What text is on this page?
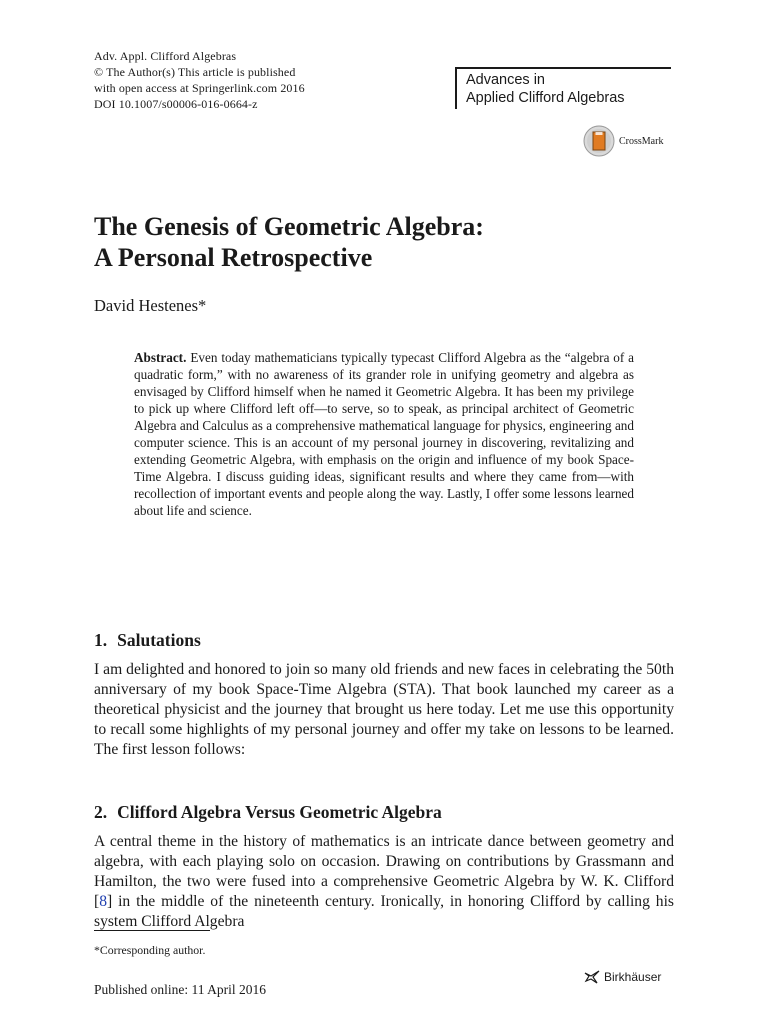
Adv. Appl. Clifford Algebras
© The Author(s) This article is published
with open access at Springerlink.com 2016
DOI 10.1007/s00006-016-0664-z
Advances in
Applied Clifford Algebras
CrossMark
The Genesis of Geometric Algebra:
A Personal Retrospective
David Hestenes*
Abstract. Even today mathematicians typically typecast Clifford Algebra as the “algebra of a quadratic form,” with no awareness of its grander role in unifying geometry and algebra as envisaged by Clifford himself when he named it Geometric Algebra. It has been my privilege to pick up where Clifford left off—to serve, so to speak, as principal architect of Geometric Algebra and Calculus as a comprehensive mathematical language for physics, engineering and computer science. This is an account of my personal journey in discovering, revitalizing and extending Geometric Algebra, with emphasis on the origin and influence of my book Space-Time Algebra. I discuss guiding ideas, significant results and where they came from—with recollection of important events and people along the way. Lastly, I offer some lessons learned about life and science.
1. Salutations

I am delighted and honored to join so many old friends and new faces in celebrating the 50th anniversary of my book Space-Time Algebra (STA). That book launched my career as a theoretical physicist and the journey that brought us here today. Let me use this opportunity to recall some highlights of my personal journey and offer my take on lessons to be learned. The first lesson follows:

2. Clifford Algebra Versus Geometric Algebra

A central theme in the history of mathematics is an intricate dance between geometry and algebra, with each playing solo on occasion. Drawing on contributions by Grassmann and Hamilton, the two were fused into a comprehensive Geometric Algebra by W. K. Clifford [8] in the middle of the nineteenth century. Ironically, in honoring Clifford by calling his system Clifford Algebra

*Corresponding author.
Published online: 11 April 2016
Birkhäuser
